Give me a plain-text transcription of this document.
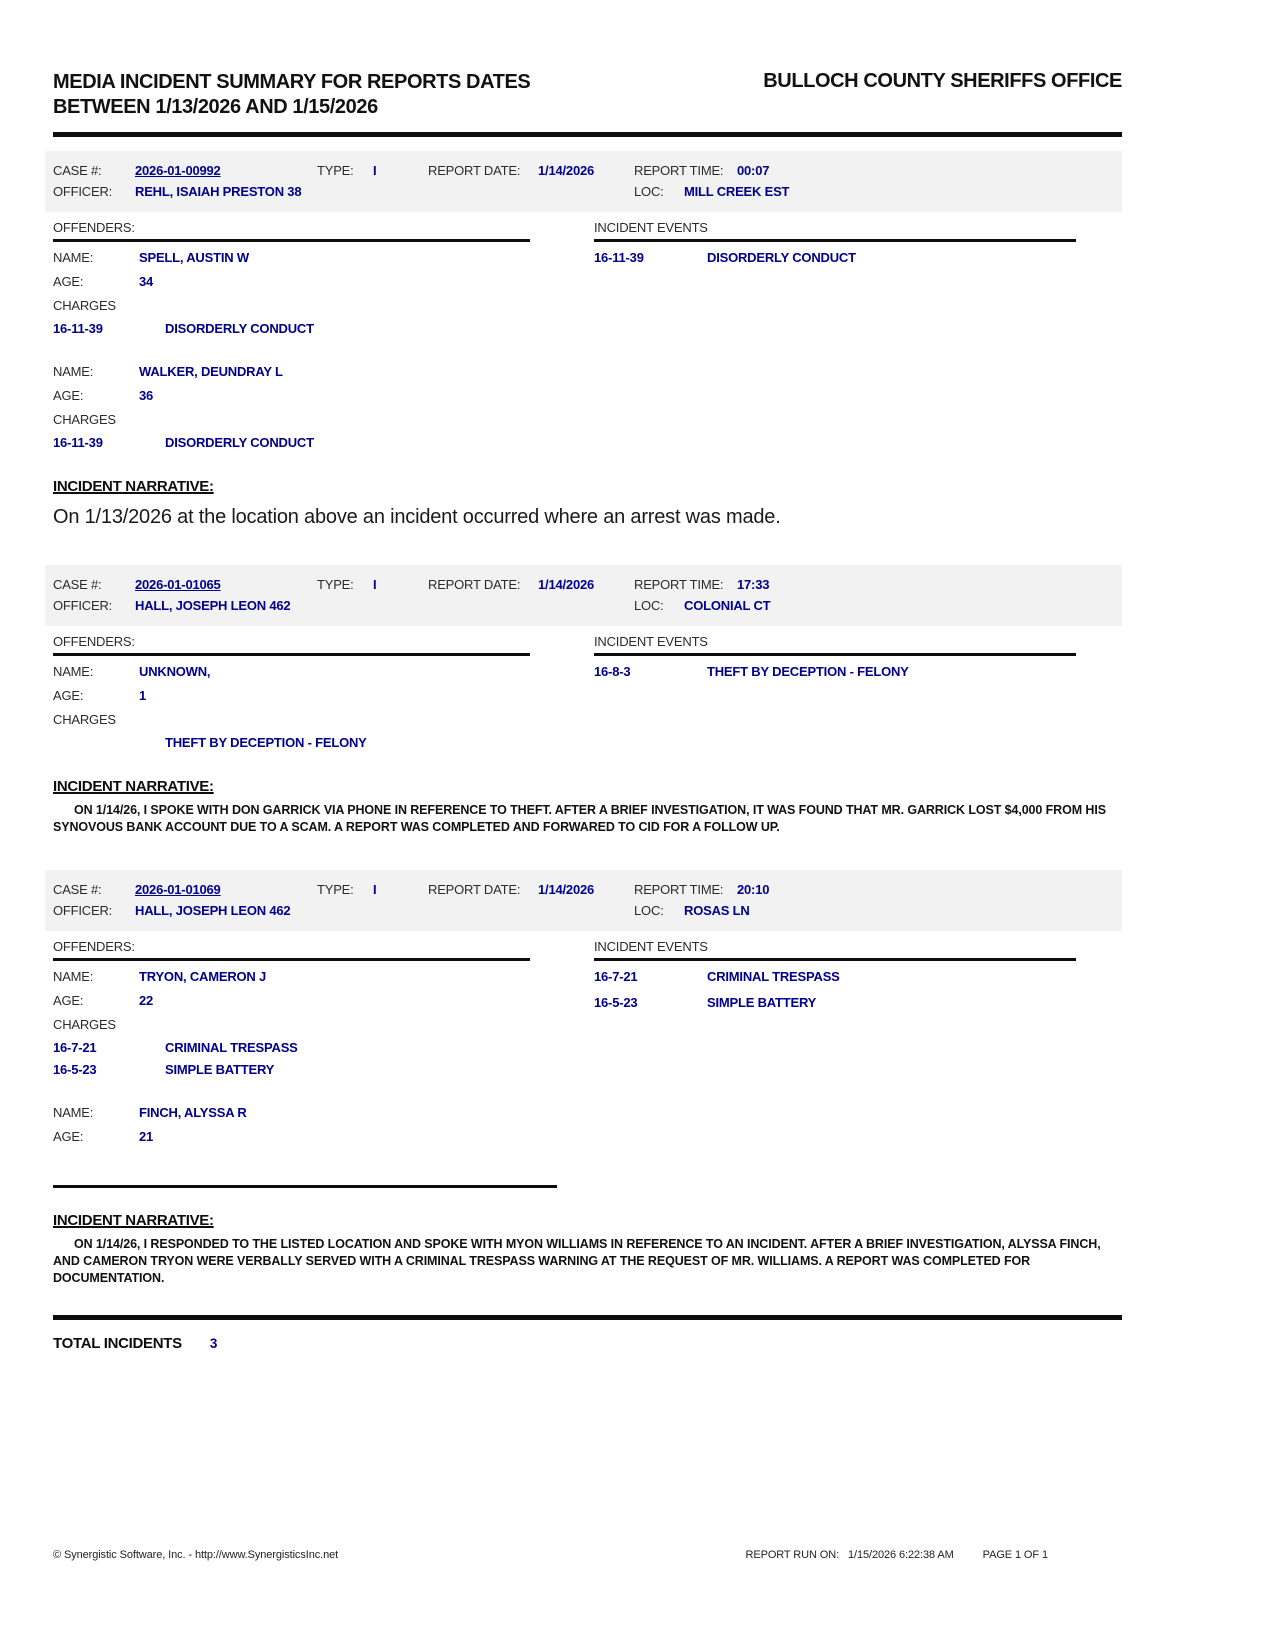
MEDIA INCIDENT SUMMARY FOR REPORTS DATES BETWEEN 1/13/2026 AND 1/15/2026
BULLOCH COUNTY SHERIFFS OFFICE
CASE #:	2026-01-00992	TYPE:	I	REPORT DATE:	1/14/2026	REPORT TIME:	00:07
OFFICER:	REHL, ISAIAH PRESTON 38	LOC:	MILL CREEK EST
OFFENDERS:
NAME:	SPELL, AUSTIN W
AGE:	34
CHARGES
16-11-39	DISORDERLY CONDUCT
NAME:	WALKER, DEUNDRAY L
AGE:	36
CHARGES
16-11-39	DISORDERLY CONDUCT
INCIDENT EVENTS
16-11-39	DISORDERLY CONDUCT
INCIDENT NARRATIVE:
On 1/13/2026 at the location above an incident occurred where an arrest was made.
CASE #:	2026-01-01065	TYPE:	I	REPORT DATE:	1/14/2026	REPORT TIME:	17:33
OFFICER:	HALL, JOSEPH LEON 462	LOC:	COLONIAL CT
OFFENDERS:
NAME:	UNKNOWN,
AGE:	1
CHARGES
THEFT BY DECEPTION - FELONY
INCIDENT EVENTS
16-8-3	THEFT BY DECEPTION - FELONY
INCIDENT NARRATIVE:
ON 1/14/26, I SPOKE WITH DON GARRICK VIA PHONE IN REFERENCE TO THEFT. AFTER A BRIEF INVESTIGATION, IT WAS FOUND THAT MR. GARRICK LOST $4,000 FROM HIS SYNOVOUS BANK ACCOUNT DUE TO A SCAM. A REPORT WAS COMPLETED AND FORWARED TO CID FOR A FOLLOW UP.
CASE #:	2026-01-01069	TYPE:	I	REPORT DATE:	1/14/2026	REPORT TIME:	20:10
OFFICER:	HALL, JOSEPH LEON 462	LOC:	ROSAS LN
OFFENDERS:
NAME:	TRYON, CAMERON J
AGE:	22
CHARGES
16-7-21	CRIMINAL TRESPASS
16-5-23	SIMPLE BATTERY
NAME:	FINCH, ALYSSA R
AGE:	21
INCIDENT EVENTS
16-7-21	CRIMINAL TRESPASS
16-5-23	SIMPLE BATTERY
INCIDENT NARRATIVE:
ON 1/14/26, I RESPONDED TO THE LISTED LOCATION AND SPOKE WITH MYON WILLIAMS IN REFERENCE TO AN INCIDENT. AFTER A BRIEF INVESTIGATION, ALYSSA FINCH, AND CAMERON TRYON WERE VERBALLY SERVED WITH A CRIMINAL TRESPASS WARNING AT THE REQUEST OF MR. WILLIAMS. A REPORT WAS COMPLETED FOR DOCUMENTATION.
TOTAL INCIDENTS 3
© Synergistic Software, Inc. - http://www.SynergisticsInc.net	REPORT RUN ON: 1/15/2026 6:22:38 AM	PAGE 1 OF 1
